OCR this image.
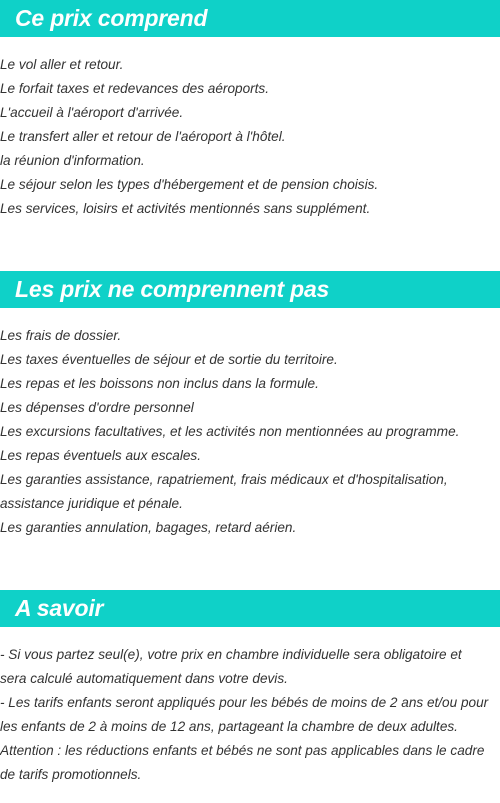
Ce prix comprend

Le vol aller et retour.

Le forfait taxes et redevances des aéroports.

L'accueil à l'aéroport d'arrivée.

Le transfert aller et retour de l'aéroport à l'hôtel.

la réunion d'information.

Le séjour selon les types d'hébergement et de pension choisis.

Les services, loisirs et activités mentionnés sans supplément.

Les prix ne comprennent pas

Les frais de dossier.

Les taxes éventuelles de séjour et de sortie du territoire.

Les repas et les boissons non inclus dans la formule.

Les dépenses d'ordre personnel

Les excursions facultatives, et les activités non mentionnées au programme.

Les repas éventuels aux escales.

Les garanties assistance, rapatriement, frais médicaux et d'hospitalisation,

assistance juridique et pénale.

Les garanties annulation, bagages, retard aérien.

A savoir

- Si vous partez seul(e), votre prix en chambre individuelle sera obligatoire et

sera calculé automatiquement dans votre devis.

- Les tarifs enfants seront appliqués pour les bébés de moins de 2 ans et/ou pour

les enfants de 2 à moins de 12 ans, partageant la chambre de deux adultes.

Attention : les réductions enfants et bébés ne sont pas applicables dans le cadre

de tarifs promotionnels.
